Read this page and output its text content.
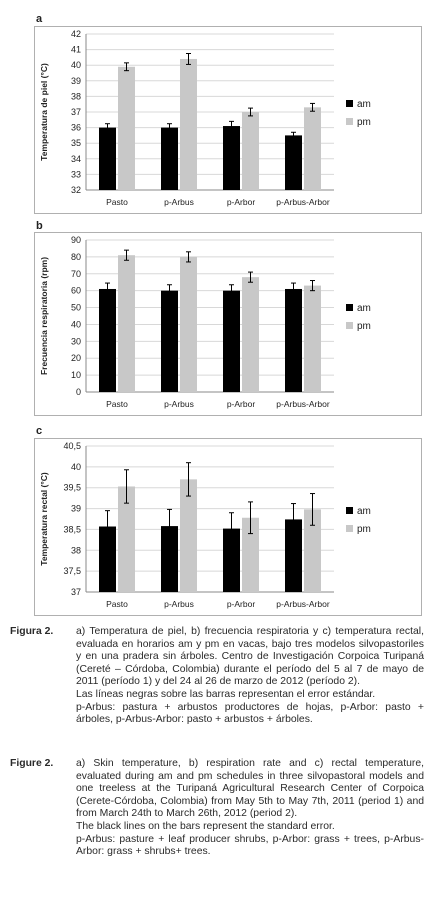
a
32
33
34
35
36
37
38
39
40
41
42
Temperatura de piel (°C)
Pasto	p-Arbus	p-Arbor p-Arbus-Arbor
am
pm
b
0
10
20
30
40
50
60
70
80
90
Frecuencia respiratoria (rpm)
Pasto	p-Arbus	p-Arbor p-Arbus-Arbor
am
pm
c
37
37,5
38
38,5
39
39,5
40
40,5
Temperatura rectal (°C)
Pasto	p-Arbus	p-Arbor p-Arbus-Arbor
am
pm
Figura 2.	a) Temperatura de piel, b) frecuencia respiratoria y c) temperatura rectal, evaluada en horarios am y pm en vacas, bajo tres modelos silvopastoriles y en una pradera sin árboles. Centro de Investigación Corpoica Turipaná (Cereté – Córdoba, Colombia) durante el período del 5 al 7 de mayo de 2011 (período 1) y del 24 al 26 de marzo de 2012 (período 2).

Las líneas negras sobre las barras representan el error estándar.

p-Arbus: pastura + arbustos productores de hojas, p-Arbor: pasto + árboles, p-Arbus-Arbor: pasto + arbustos + árboles.

Figure 2.	a) Skin temperature, b) respiration rate and c) rectal temperature, evaluated during am and pm schedules in three silvopastoral models and one treeless at the Turipaná Agricultural Research Center of Corpoica (Cerete-Córdoba, Colombia) from May 5th to May 7th, 2011 (period 1) and from March 24th to March 26th, 2012 (period 2).

The black lines on the bars represent the standard error.

p-Arbus: pasture + leaf producer shrubs, p-Arbor: grass + trees, p-Arbus-Arbor: grass + shrubs+ trees.
